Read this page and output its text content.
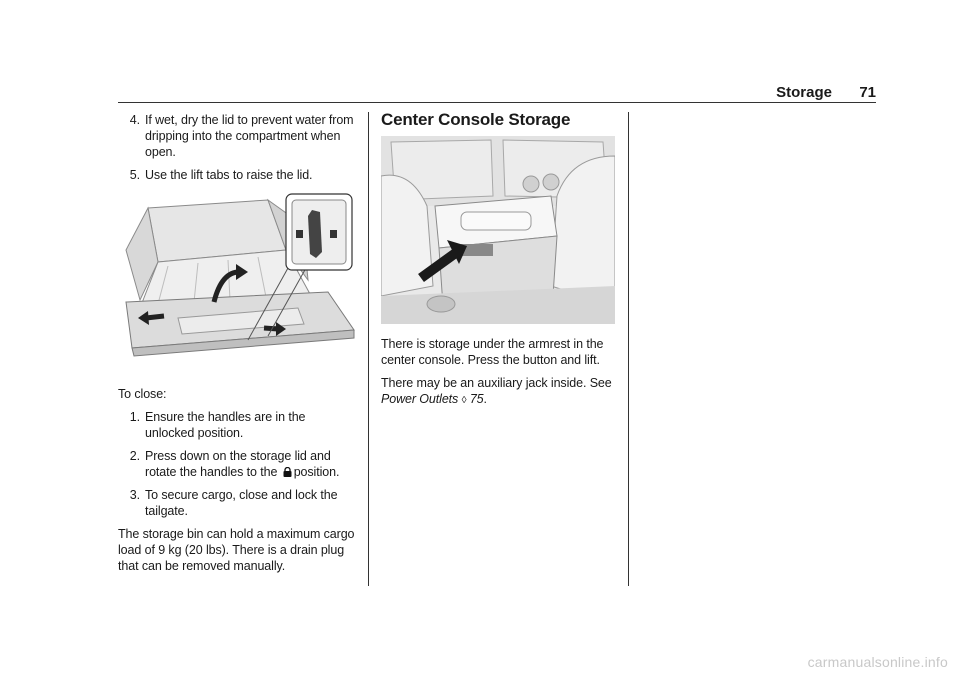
Storage 71
4. If wet, dry the lid to prevent water from dripping into the compartment when open.
5. Use the lift tabs to raise the lid.

To close:

1. Ensure the handles are in the unlocked position.
2. Press down on the storage lid and rotate the handles to the position.
3. To secure cargo, close and lock the tailgate.

The storage bin can hold a maximum cargo load of 9 kg (20 lbs). There is a drain plug that can be removed manually.

Center Console Storage

There is storage under the armrest in the center console. Press the button and lift.

There may be an auxiliary jack inside. See Power Outlets ◊ 75.

carmanualsonline.info
